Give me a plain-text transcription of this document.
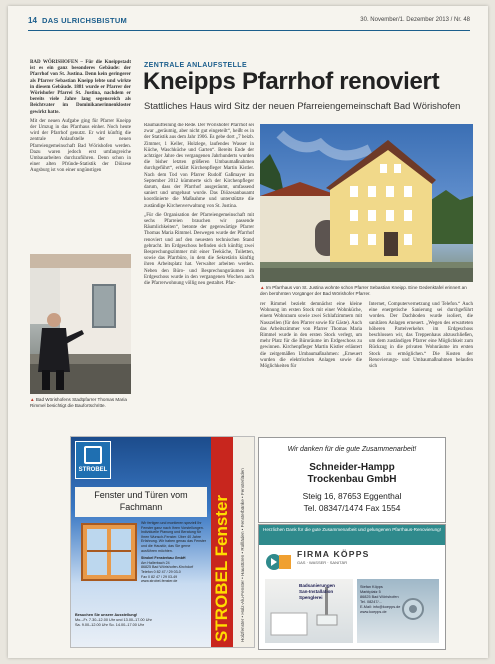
14 DAS ULRICHSBISTUM	30. November/1. Dezember 2013 / Nr. 48

BAD WÖRISHOFEN – Für die Kneippstadt ist es ein ganz besonderes Gebäude: der Pfarrhof von St. Justina. Denn kein geringerer als Pfarrer Sebastian Kneipp lebte und wirkte in diesem Gebäude. 1881 wurde er Pfarrer der Wörishofer Pfarrei St. Justina, nachdem er bereits viele Jahre lang segensreich als Beichtvater im Dominikanerinnenkloster gewirkt hatte.

Mit der neuen Aufgabe ging für Pfarrer Kneipp der Umzug in das Pfarrhaus einher. Noch heute wird der Pfarrhof genutzt. Er wird künftig die zentrale Anlaufstelle der neuen Pfarreiengemeinschaft Bad Wörishofen werden. Dazu waren jedoch erst umfangreiche Umbauarbeiten durchzuführen. Denn schon in einer alten Pfründe-Statistik der Diözese Augsburg ist von einer ungünstigen

▲ Bad Wörishofens Stadtpfarrer Thomas Maria Rimmel besichtigt die Baufortschritte.
ZENTRALE ANLAUFSTELLE
Kneipps Pfarrhof renoviert
Stattliches Haus wird Sitz der neuen Pfarreiengemeinschaft Bad Wörishofen

Raumaufteilung die Rede. Der Wörishofer Pfarrhof sei zwar „geräumig, aber nicht gut eingeteilt“, heißt es in der Statistik aus dem Jahr 1906. Es gebe dort „7 beizb. Zimmer, 1 Keller, Holzlege, laufendes Wasser in Küche, Waschküche und Garten“. Bereits Ende der achtziger Jahre des vergangenen Jahrhunderts wurden die bisher letzten größeren Umbaumaßnahmen durchgeführt“, erklärt Kirchenpfleger Martin Kistler. Nach dem Tod von Pfarrer Rudolf Gaßmayer im September 2012 kümmerte sich der Kirchenpfleger darum, dass der Pfarrhof ausgeräumt, umfassend saniert und umgebaut wurde. Das Diözesanbauamt koordinierte die Maßnahme und unterstützte die zuständige Kirchenverwaltung von St. Justina.

„Für die Organisation der Pfarreiengemeinschaft mit sechs Pfarreien brauchen wir passende Räumlichkeiten“, betonte der gegenwärtige Pfarrer Thomas Maria Rimmel. Deswegen wurde der Pfarrhof renoviert und auf den neuesten technischen Stand gebracht. Im Erdgeschoss befinden sich künftig zwei Besprechungszimmer mit einer Teeküche, Toiletten, sowie das Pfarrbüro, in dem die Sekretärin künftig ihren Arbeitsplatz hat. Verwalter arbeiten werden. Neben den Büro- und Besprechungsräumen im Erdgeschoss wurde in den vergangenen Wochen auch die Pfarrerwohnung völlig neu gestaltet. Pfar-

▲ Im Pfarrhaus von St. Justina wohnte schon Pfarrer Sebastian Kneipp. Eine Gedenktafel erinnert an den berühmten Vorgänger der Bad Wörishofer Pfarrer.

rer Rimmel bezieht demnächst eine kleine Wohnung im ersten Stock mit einer Wohnküche, einem Wohnraum sowie zwei Schlafzimmern mit Nasszellen (für den Pfarrer sowie für Gäste). Auch das Arbeitszimmer von Pfarrer Thomas Maria Rimmel wurde in den ersten Stock verlegt, um mehr Platz für die Büroräume im Erdgeschoss zu gewinnen. Kirchenpfleger Martin Kistler erläutert die zeitgemäßen Umbaumaßnahmen: „Erneuert wurden die elektrischen Anlagen sowie die Möglichkeiten für

Internet, Computervernetzung und Telefon.“ Auch eine energetische Sanierung sei durchgeführt worden. Der Dachboden wurde isoliert, die sanitären Anlagen erneuert. „Wegen des erwarteten höheren Parteiverkehrs im Erdgeschoss beschlossen wir, das Treppenhaus abzuschließen, um dem zuständigen Pfarrer eine Möglichkeit zum Rückzug in die privaten Wohnräume im ersten Stock zu ermöglichen.“ Die Kosten der Renovierungs- und Umbaumaßnahmen belaufen sich

STROBEL
Fenster und Türen vom Fachmann
Wir fertigen und montieren speziell Ihr Fenster ganz nach Ihren Vorstellungen. Individuelle Planung und Beratung für Ihren Wunsch-Fenster. Über 40 Jahre Erfahrung. Wir haben genau das Fenster und die Haustür, das Sie gerne ausführen möchten.
Strobel Fensterbau GmbH
Am Hallerbach 24
86825 Bad Wörishofen-Kirchdorf
Telefon 0 82 47 / 29 03-0
Fax 0 82 47 / 29 03-49
www.strobel-fenster.de
Besuchen Sie unsere Ausstellung!
Mo.–Fr. 7.30–12.00 Uhr und 13.00–17.00 Uhr
Sa. 9.00–12.00 Uhr So. 14.00–17.00 Uhr	STROBEL Fenster Holzfenster • Holz-Alu-Fenster • Haustüren • Rollläden • Fensterbänke • Fensterläden
Wir danken für die gute Zusammenarbeit!
Schneider-Hampp
Trockenbau GmbH
Steig 16, 87653 Eggenthal
Tel. 08347/1474 Fax 1554
Herzlichen Dank für die gute Zusammenarbeit und gelungenen Pfarrhaus-Renovierung!
FIRMA KÖPPS
GAS · WASSER · SANITÄR
Badsanierungen
San-Installation
Spenglerei
Stefan Köpps
Marktplatz 5
86825 Bad Wörishofen
Tel. 08247/...
E-Mail: info@koepps.de
www.koepps.de
